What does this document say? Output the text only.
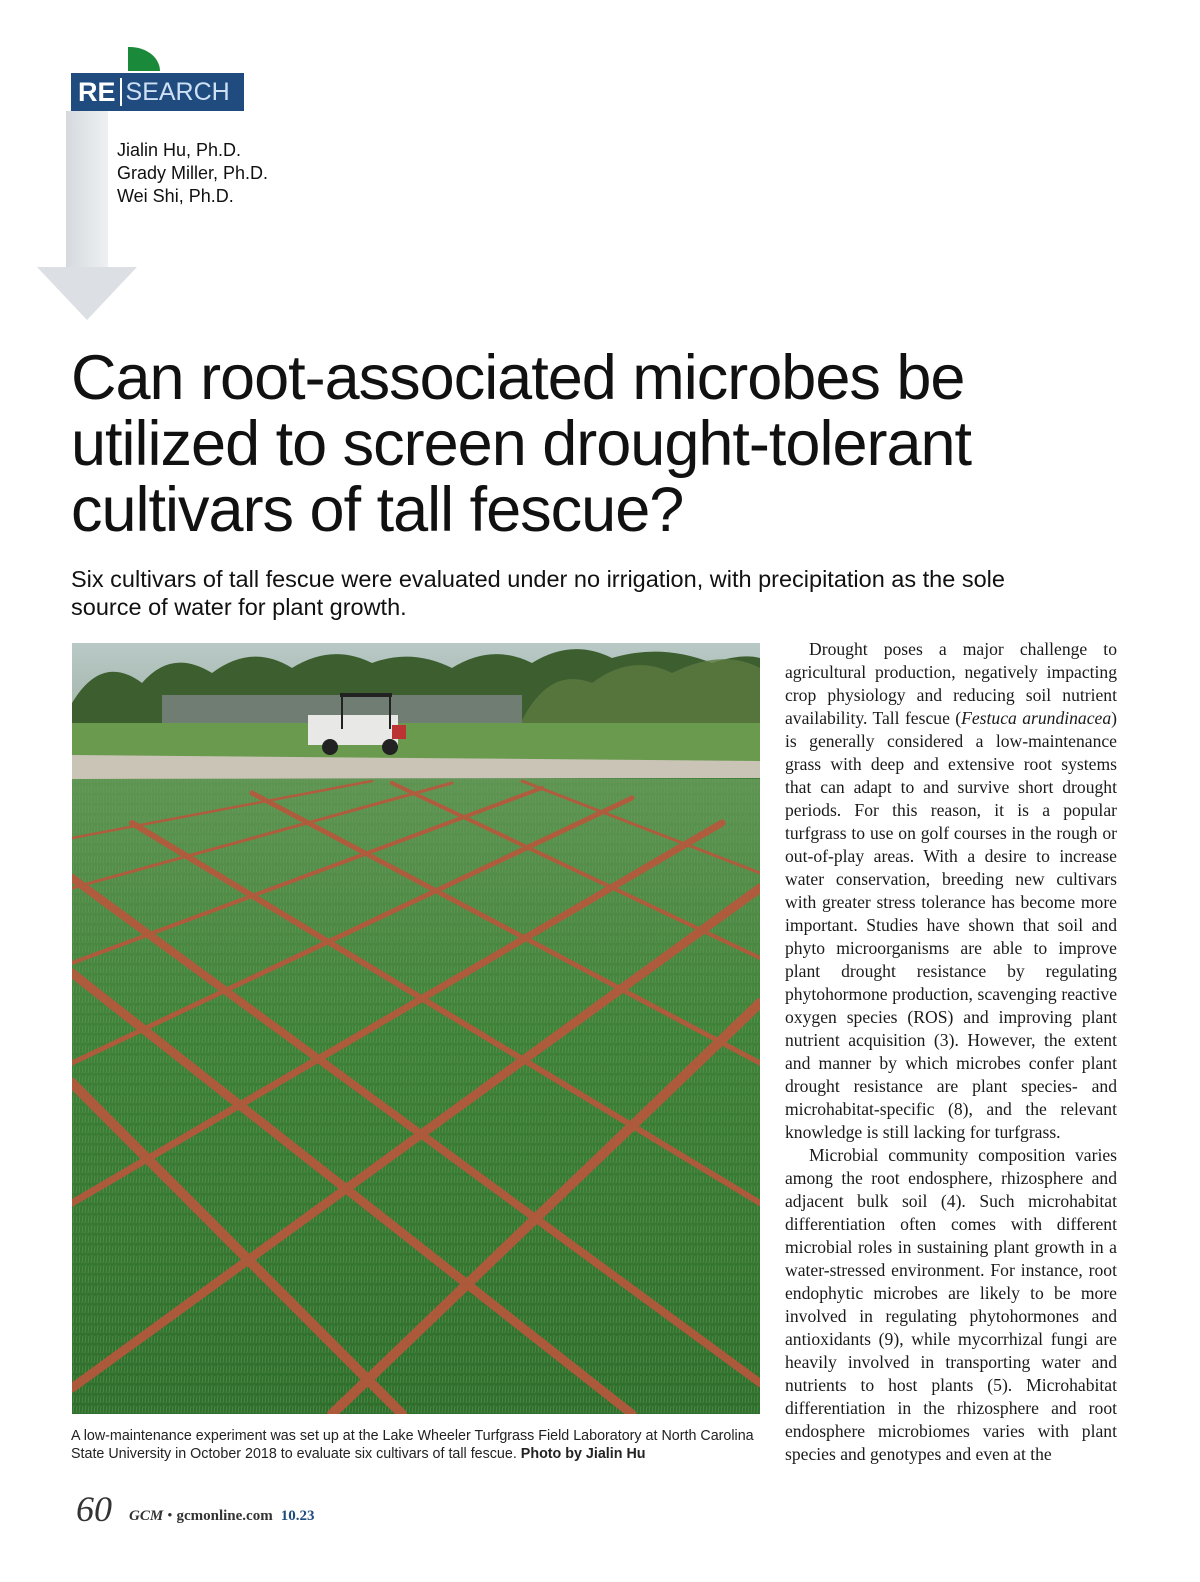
RE SEARCH
Jialin Hu, Ph.D.
Grady Miller, Ph.D.
Wei Shi, Ph.D.
Can root-associated microbes be utilized to screen drought-tolerant cultivars of tall fescue?
Six cultivars of tall fescue were evaluated under no irrigation, with precipitation as the sole source of water for plant growth.
A low-maintenance experiment was set up at the Lake Wheeler Turfgrass Field Laboratory at North Carolina State University in October 2018 to evaluate six cultivars of tall fescue. Photo by Jialin Hu

Drought poses a major challenge to agricultural production, negatively impacting crop physiology and reducing soil nutrient availability. Tall fescue (Festuca arundinacea) is generally considered a low-maintenance grass with deep and extensive root systems that can adapt to and survive short drought periods. For this reason, it is a popular turfgrass to use on golf courses in the rough or out-of-play areas. With a desire to increase water conservation, breeding new cultivars with greater stress tolerance has become more important. Studies have shown that soil and phyto microorganisms are able to improve plant drought resistance by regulating phytohormone production, scavenging reactive oxygen species (ROS) and improving plant nutrient acquisition (3). However, the extent and manner by which microbes confer plant drought resistance are plant species- and microhabitat-specific (8), and the relevant knowledge is still lacking for turfgrass.

Microbial community composition varies among the root endosphere, rhizosphere and adjacent bulk soil (4). Such microhabitat differentiation often comes with different microbial roles in sustaining plant growth in a water-stressed environment. For instance, root endophytic microbes are likely to be more involved in regulating phytohormones and antioxidants (9), while mycorrhizal fungi are heavily involved in transporting water and nutrients to host plants (5). Microhabitat differentiation in the rhizosphere and root endosphere microbiomes varies with plant species and genotypes and even at the

60 GCM • gcmonline.com 10.23
